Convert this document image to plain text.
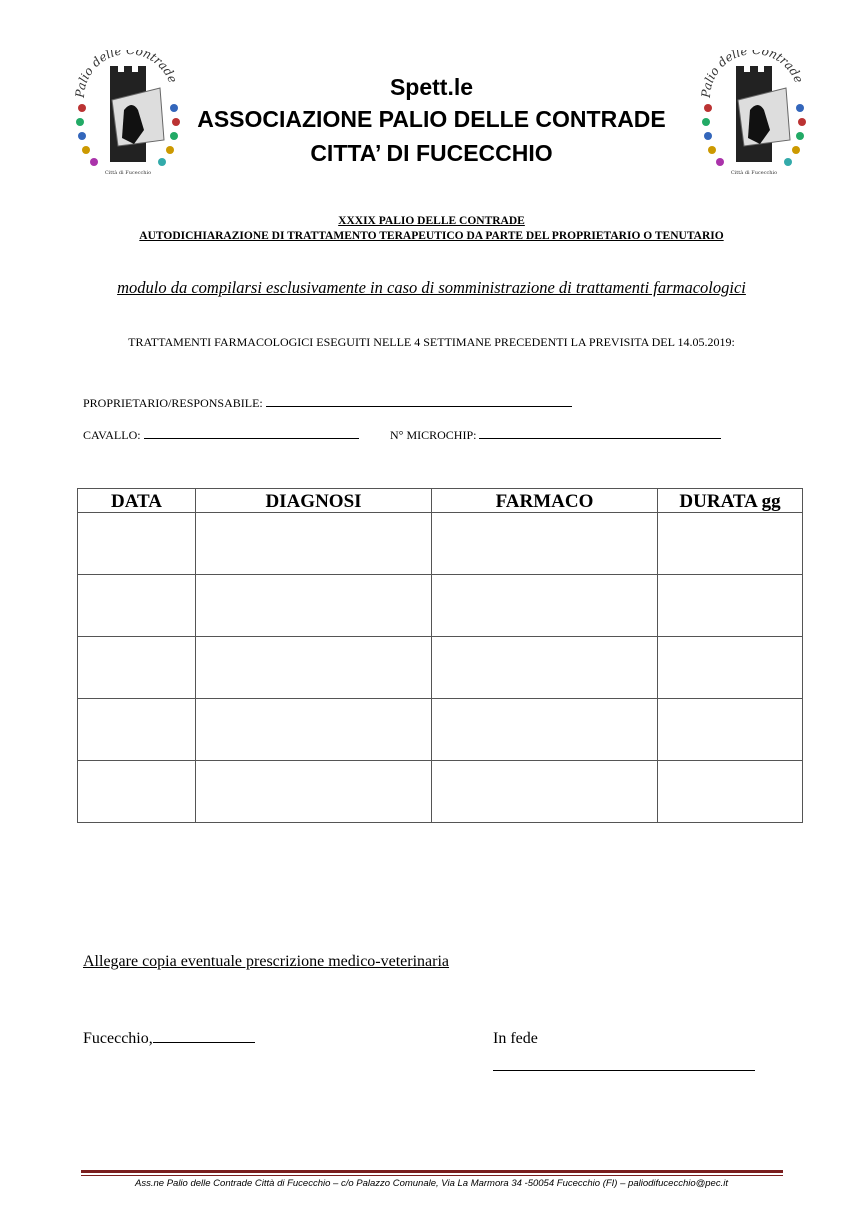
Palio delle Contrade
Città di Fucecchio
Palio delle Contrade
Città di Fucecchio
Spett.le
ASSOCIAZIONE PALIO DELLE CONTRADE
CITTA’ DI FUCECCHIO
XXXIX PALIO DELLE CONTRADE
AUTODICHIARAZIONE DI TRATTAMENTO TERAPEUTICO DA PARTE DEL PROPRIETARIO O TENUTARIO
modulo da compilarsi esclusivamente in caso di somministrazione di trattamenti farmacologici
TRATTAMENTI FARMACOLOGICI ESEGUITI NELLE 4 SETTIMANE PRECEDENTI LA PREVISITA DEL 14.05.2019:
PROPRIETARIO/RESPONSABILE:
CAVALLO:	N° MICROCHIP:
DATA	DIAGNOSI	FARMACO	DURATA gg

Allegare copia eventuale prescrizione medico-veterinaria
Fucecchio,	In fede
Ass.ne Palio delle Contrade Città di Fucecchio – c/o Palazzo Comunale, Via La Marmora 34 -50054 Fucecchio (FI) – paliodifucecchio@pec.it
